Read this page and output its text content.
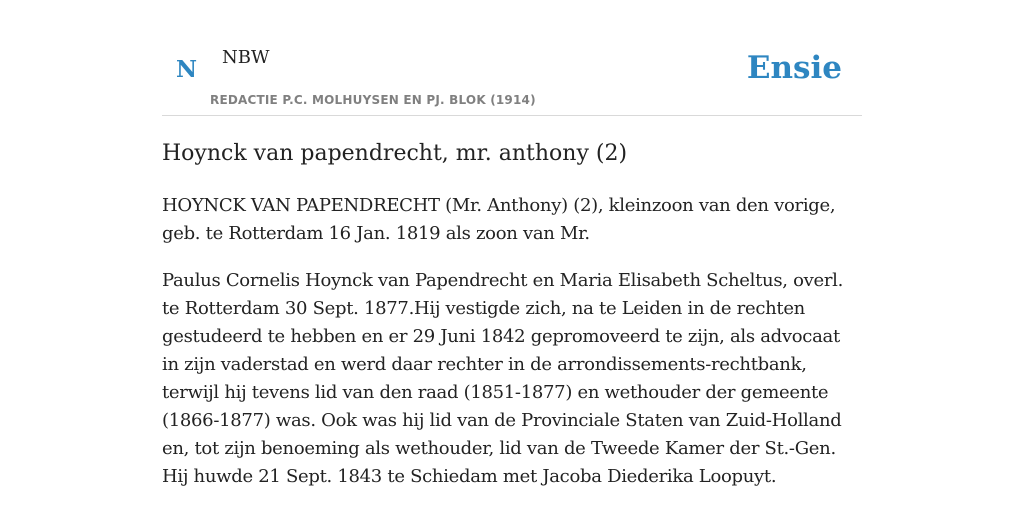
N NBW
REDACTIE P.C. MOLHUYSEN EN PJ. BLOK (1914)
Ensie
Hoynck van papendrecht, mr. anthony (2)

HOYNCK VAN PAPENDRECHT (Mr. Anthony) (2), kleinzoon van den vorige, geb. te Rotterdam 16 Jan. 1819 als zoon van Mr.

Paulus Cornelis Hoynck van Papendrecht en Maria Elisabeth Scheltus, overl. te Rotterdam 30 Sept. 1877.Hij vestigde zich, na te Leiden in de rechten gestudeerd te hebben en er 29 Juni 1842 gepromoveerd te zijn, als advocaat in zijn vaderstad en werd daar rechter in de arrondissements-rechtbank, terwijl hij tevens lid van den raad (1851-1877) en wethouder der gemeente (1866-1877) was. Ook was hij lid van de Provinciale Staten van Zuid-Holland en, tot zijn benoeming als wethouder, lid van de Tweede Kamer der St.-Gen. Hij huwde 21 Sept. 1843 te Schiedam met Jacoba Diederika Loopuyt.
